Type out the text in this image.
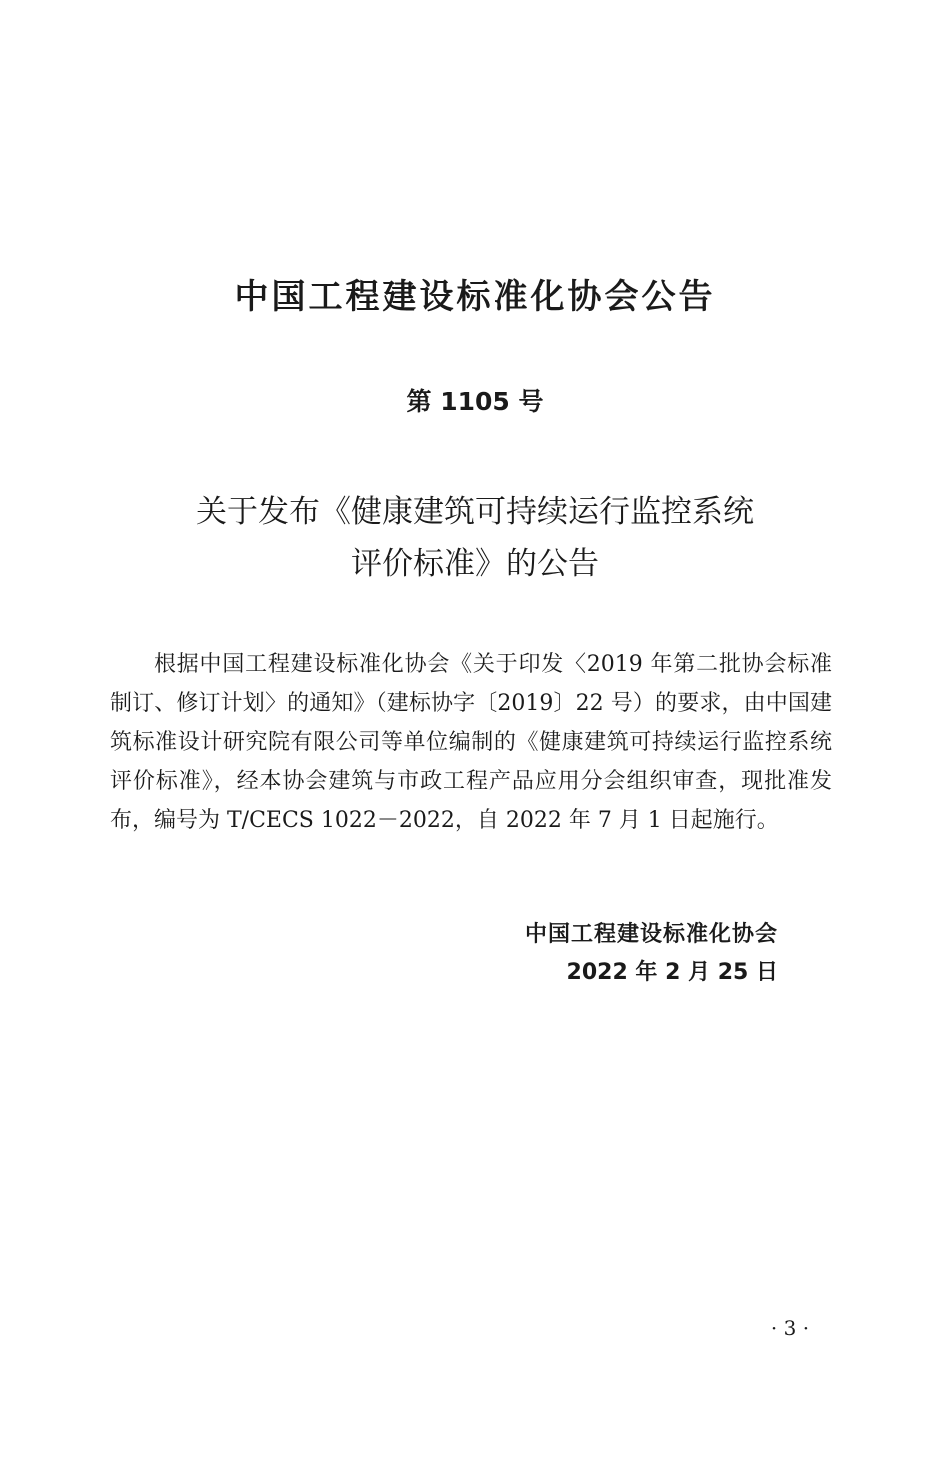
中国工程建设标准化协会公告
第 1105 号
关于发布《健康建筑可持续运行监控系统
评价标准》的公告
根据中国工程建设标准化协会《关于印发〈2019 年第二批协会标准制订、修订计划〉的通知》（建标协字〔2019〕22 号）的要求，由中国建筑标准设计研究院有限公司等单位编制的《健康建筑可持续运行监控系统评价标准》，经本协会建筑与市政工程产品应用分会组织审查，现批准发布，编号为 T/CECS 1022－2022，自 2022 年 7 月 1 日起施行。
中国工程建设标准化协会
2022 年 2 月 25 日
· 3 ·
